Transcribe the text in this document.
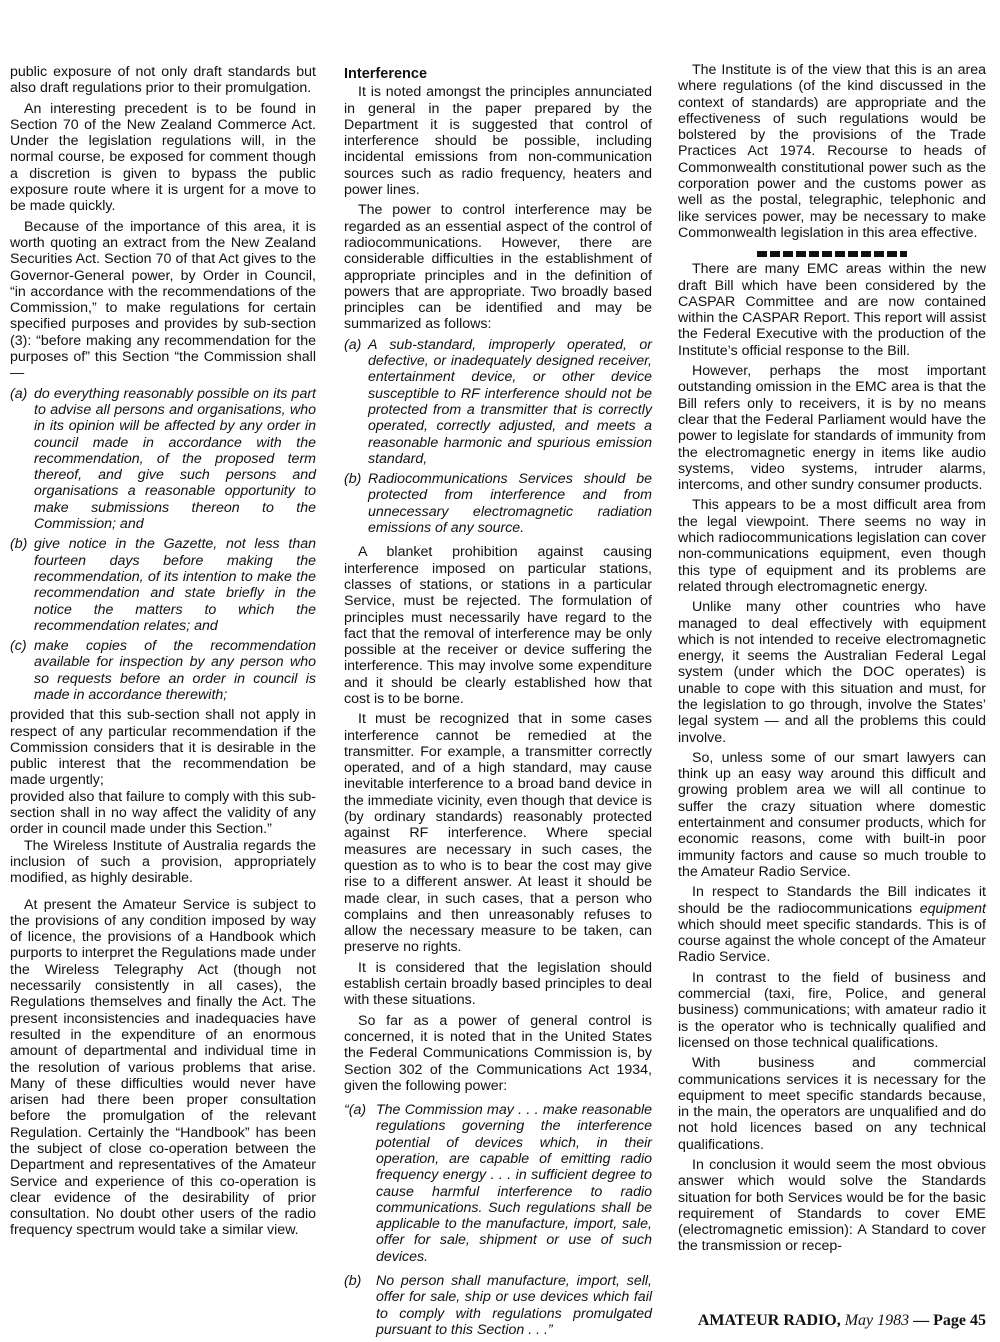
public exposure of not only draft standards but also draft regulations prior to their promulgation.

An interesting precedent is to be found in Section 70 of the New Zealand Commerce Act. Under the legislation regulations will, in the normal course, be exposed for comment though a discretion is given to bypass the public exposure route where it is urgent for a move to be made quickly.

Because of the importance of this area, it is worth quoting an extract from the New Zealand Securities Act. Section 70 of that Act gives to the Governor-General power, by Order in Council, “in accordance with the recommendations of the Commission,” to make regulations for certain specified purposes and provides by sub-section (3): “before making any recommendation for the purposes of” this Section “the Commission shall —

(a) do everything reasonably possible on its part to advise all persons and organisations, who in its opinion will be affected by any order in council made in accordance with the recommendation, of the proposed term thereof, and give such persons and organisations a reasonable opportunity to make submissions thereon to the Commission; and
(b) give notice in the Gazette, not less than fourteen days before making the recommendation, of its intention to make the recommendation and state briefly in the notice the matters to which the recommendation relates; and
(c) make copies of the recommendation available for inspection by any person who so requests before an order in council is made in accordance therewith;

provided that this sub-section shall not apply in respect of any particular recommendation if the Commission considers that it is desirable in the public interest that the recommendation be made urgently;

provided also that failure to comply with this sub-section shall in no way affect the validity of any order in council made under this Section.”

The Wireless Institute of Australia regards the inclusion of such a provision, appropriately modified, as highly desirable.

At present the Amateur Service is subject to the provisions of any condition imposed by way of licence, the provisions of a Handbook which purports to interpret the Regulations made under the Wireless Telegraphy Act (though not necessarily consistently in all cases), the Regulations themselves and finally the Act. The present inconsistencies and inadequacies have resulted in the expenditure of an enormous amount of departmental and individual time in the resolution of various problems that arise. Many of these difficulties would never have arisen had there been proper consultation before the promulgation of the relevant Regulation. Certainly the “Handbook” has been the subject of close co-operation between the Department and representatives of the Amateur Service and experience of this co-operation is clear evidence of the desirability of prior consultation. No doubt other users of the radio frequency spectrum would take a similar view.

Interference

It is noted amongst the principles annunciated in general in the paper prepared by the Department it is suggested that control of interference should be possible, including incidental emissions from non-communication sources such as radio frequency, heaters and power lines.

The power to control interference may be regarded as an essential aspect of the control of radiocommunications. However, there are considerable difficulties in the establishment of appropriate principles and in the definition of powers that are appropriate. Two broadly based principles can be identified and may be summarized as follows:

(a) A sub-standard, improperly operated, or defective, or inadequately designed receiver, entertainment device, or other device susceptible to RF interference should not be protected from a transmitter that is correctly operated, correctly adjusted, and meets a reasonable harmonic and spurious emission standard,
(b) Radiocommunications Services should be protected from interference and from unnecessary electromagnetic radiation emissions of any source.

A blanket prohibition against causing interference imposed on particular stations, classes of stations, or stations in a particular Service, must be rejected. The formulation of principles must necessarily have regard to the fact that the removal of interference may be only possible at the receiver or device suffering the interference. This may involve some expenditure and it should be clearly established how that cost is to be borne.

It must be recognized that in some cases interference cannot be remedied at the transmitter. For example, a transmitter correctly operated, and of a high standard, may cause inevitable interference to a broad band device in the immediate vicinity, even though that device is (by ordinary standards) reasonably protected against RF interference. Where special measures are necessary in such cases, the question as to who is to bear the cost may give rise to a different answer. At least it should be made clear, in such cases, that a person who complains and then unreasonably refuses to allow the necessary measure to be taken, can preserve no rights.

It is considered that the legislation should establish certain broadly based principles to deal with these situations.

So far as a power of general control is concerned, it is noted that in the United States the Federal Communications Commission is, by Section 302 of the Communications Act 1934, given the following power:

“(a) The Commission may . . . make reasonable regulations governing the interference potential of devices which, in their operation, are capable of emitting radio frequency energy . . . in sufficient degree to cause harmful interference to radio communications. Such regulations shall be applicable to the manufacture, import, sale, offer for sale, shipment or use of such devices.
(b)	No person shall manufacture, import, sell, offer for sale, ship or use devices which fail to comply with regulations promulgated pursuant to this Section . . .”

The Institute is of the view that this is an area where regulations (of the kind discussed in the context of standards) are appropriate and the effectiveness of such regulations would be bolstered by the provisions of the Trade Practices Act 1974. Recourse to heads of Commonwealth constitutional power such as the corporation power and the customs power as well as the postal, telegraphic, telephonic and like services power, may be necessary to make Commonwealth legislation in this area effective.

There are many EMC areas within the new draft Bill which have been considered by the CASPAR Committee and are now contained within the CASPAR Report. This report will assist the Federal Executive with the production of the Institute’s official response to the Bill.

However, perhaps the most important outstanding omission in the EMC area is that the Bill refers only to receivers, it is by no means clear that the Federal Parliament would have the power to legislate for standards of immunity from the electromagnetic energy in items like audio systems, video systems, intruder alarms, intercoms, and other sundry consumer products.

This appears to be a most difficult area from the legal viewpoint. There seems no way in which radiocommunications legislation can cover non-communications equipment, even though this type of equipment and its problems are related through electromagnetic energy.

Unlike many other countries who have managed to deal effectively with equipment which is not intended to receive electromagnetic energy, it seems the Australian Federal Legal system (under which the DOC operates) is unable to cope with this situation and must, for the legislation to go through, involve the States’ legal system — and all the problems this could involve.

So, unless some of our smart lawyers can think up an easy way around this difficult and growing problem area we will all continue to suffer the crazy situation where domestic entertainment and consumer products, which for economic reasons, come with built-in poor immunity factors and cause so much trouble to the Amateur Radio Service.

In respect to Standards the Bill indicates it should be the radiocommunications equipment which should meet specific standards. This is of course against the whole concept of the Amateur Radio Service.

In contrast to the field of business and commercial (taxi, fire, Police, and general business) communications; with amateur radio it is the operator who is technically qualified and licensed on those technical qualifications.

With business and commercial communications services it is necessary for the equipment to meet specific standards because, in the main, the operators are unqualified and do not hold licences based on any technical qualifications.

In conclusion it would seem the most obvious answer which would solve the Standards situation for both Services would be for the basic requirement of Standards to cover EME (electromagnetic emission): A Standard to cover the transmission or recep-

AMATEUR RADIO, May 1983 — Page 45
